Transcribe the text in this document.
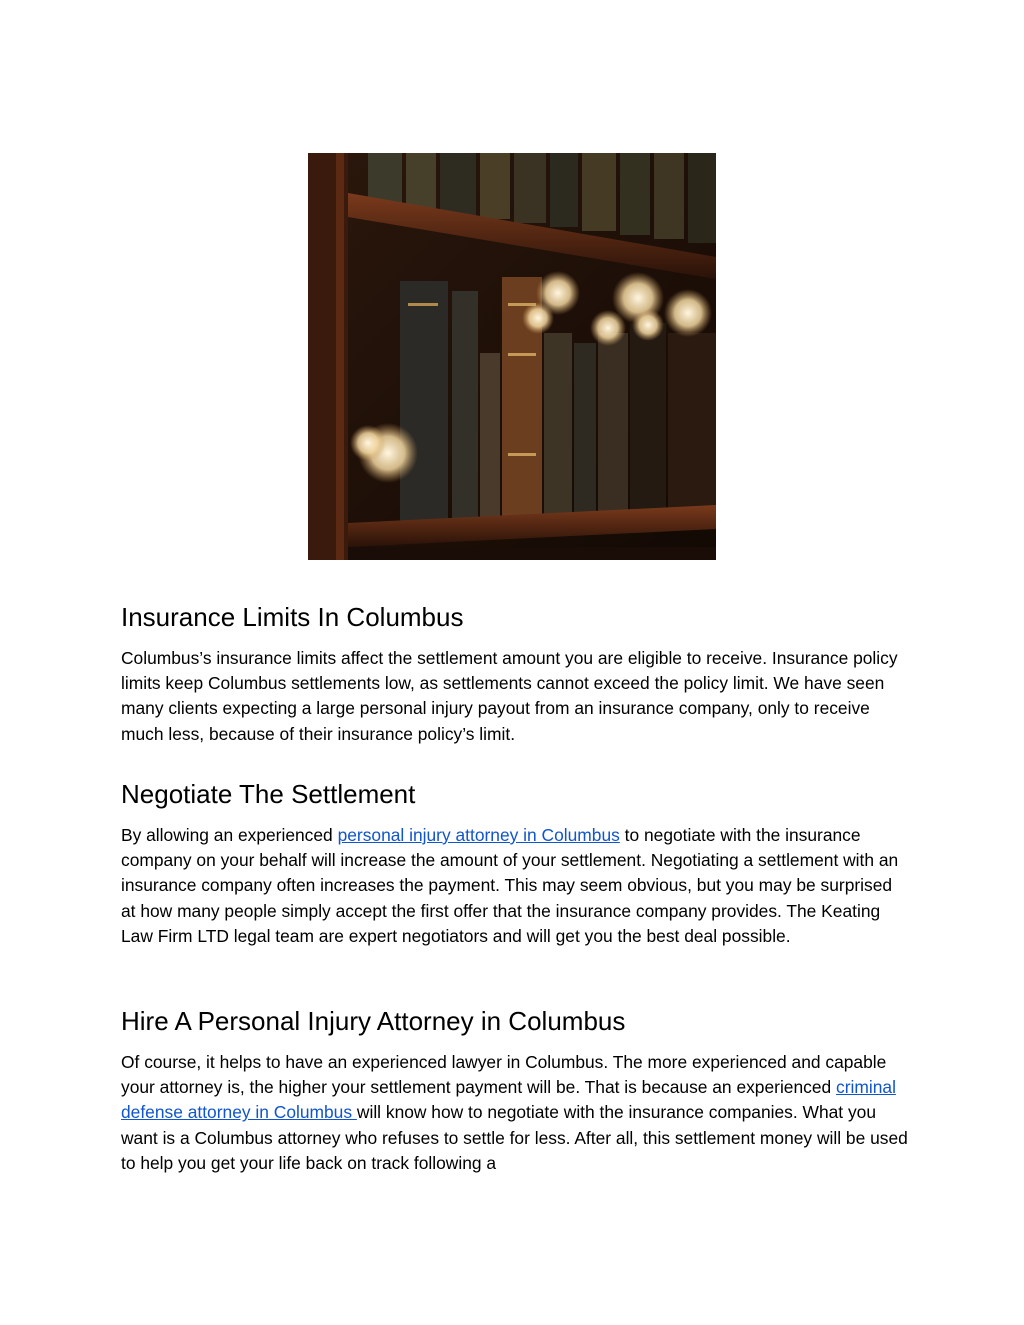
Insurance Limits In Columbus

Columbus’s insurance limits affect the settlement amount you are eligible to receive. Insurance policy limits keep Columbus settlements low, as settlements cannot exceed the policy limit. We have seen many clients expecting a large personal injury payout from an insurance company, only to receive much less, because of their insurance policy’s limit.

Negotiate The Settlement

By allowing an experienced personal injury attorney in Columbus to negotiate with the insurance company on your behalf will increase the amount of your settlement. Negotiating a settlement with an insurance company often increases the payment. This may seem obvious, but you may be surprised at how many people simply accept the first offer that the insurance company provides. The Keating Law Firm LTD legal team are expert negotiators and will get you the best deal possible.

Hire A Personal Injury Attorney in Columbus

Of course, it helps to have an experienced lawyer in Columbus. The more experienced and capable your attorney is, the higher your settlement payment will be. That is because an experienced criminal defense attorney in Columbus will know how to negotiate with the insurance companies. What you want is a Columbus attorney who refuses to settle for less. After all, this settlement money will be used to help you get your life back on track following a
